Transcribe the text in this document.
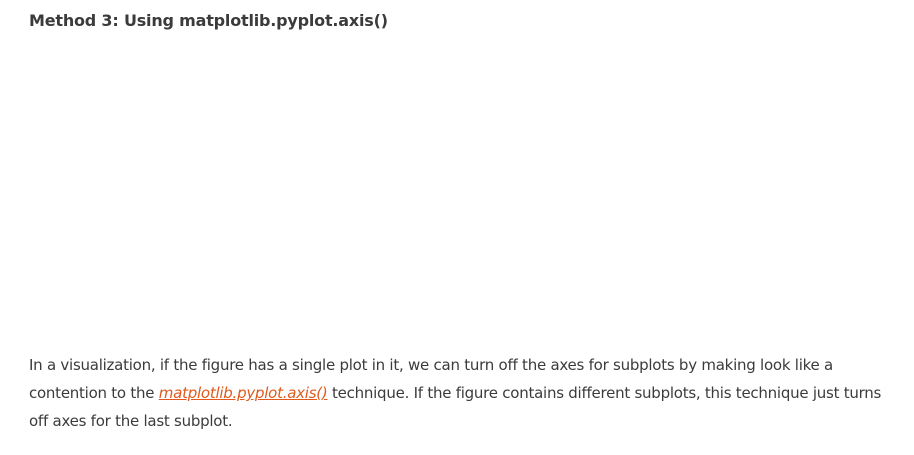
Method 3: Using matplotlib.pyplot.axis()

In a visualization, if the figure has a single plot in it, we can turn off the axes for subplots by making look like a contention to the matplotlib.pyplot.axis() technique. If the figure contains different subplots, this technique just turns off axes for the last subplot.
